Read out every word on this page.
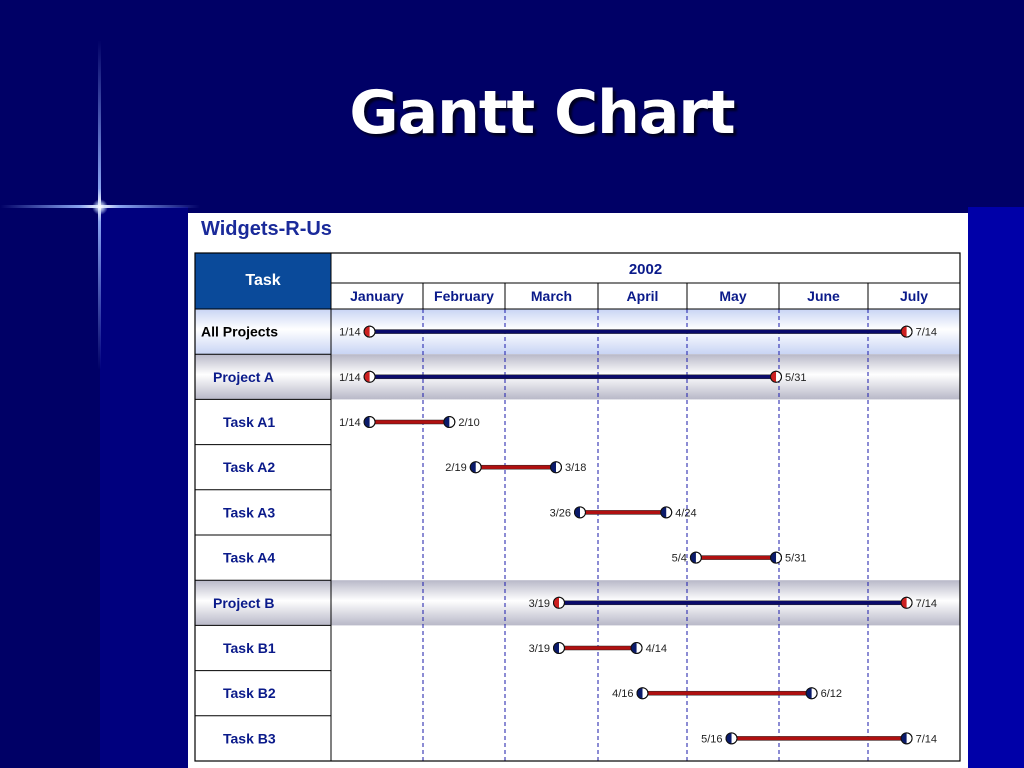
Gantt Chart
Widgets-R-Us
Task
2002
January February	March	April	May	June	July
All Projects	1/14	7/14
Project A	1/14	5/31
Task A1	1/14	2/10
Task A2	2/19	3/18
Task A3	3/26	4/24
Task A4	5/4	5/31
Project B	3/19	7/14
Task B1	3/19	4/14
Task B2	4/16	6/12
Task B3	5/16	7/14
